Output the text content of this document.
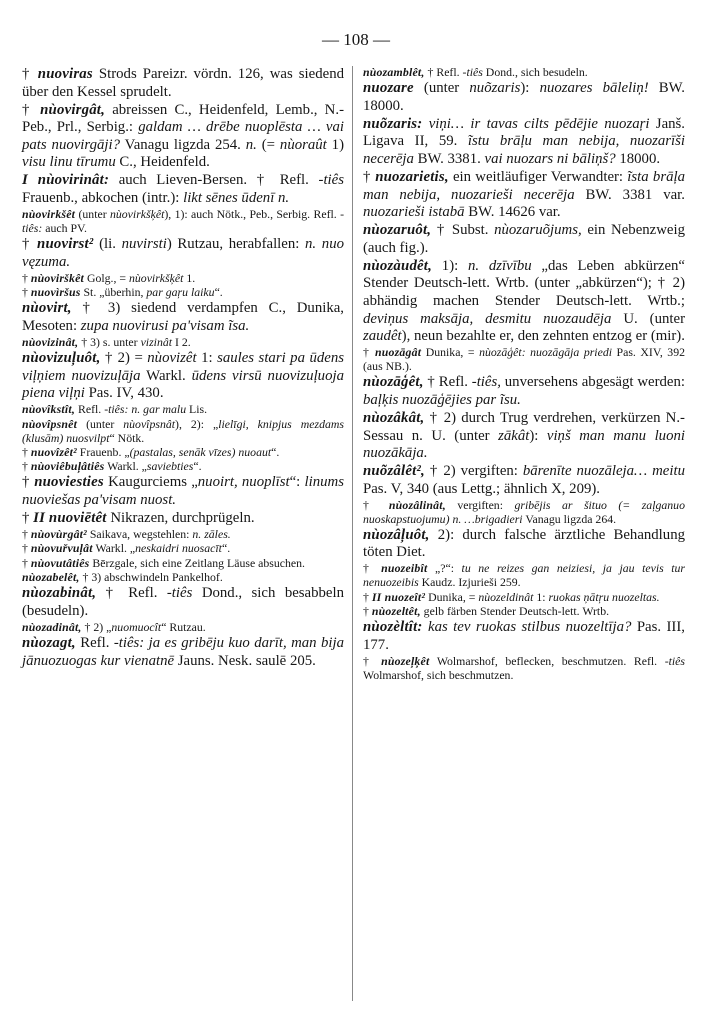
— 108 —

† nuoviras Strods Pareizr. vördn. 126, was siedend über den Kessel sprudelt.

† nùovirgât, abreissen C., Heidenfeld, Lemb., N.-Peb., Prl., Serbig.: galdam … drēbe nuoplēsta … vai pats nuovirgāji? Vanagu ligzda 254. n. (= nùoraût 1) visu linu tīrumu C., Heidenfeld.

I nùovirinât: auch Lieven-Bersen. † Refl. -tiês Frauenb., abkochen (intr.): likt sēnes ūdenī n.

nùovirkšêt (unter nùovirkšķêt), 1): auch Nötk., Peb., Serbig. Refl. -tiês: auch PV.

† nuovirst² (li. nuvirsti) Rutzau, herabfallen: n. nuo vęzuma.

† nùovirškêt Golg., = nùovirkšķêt 1.

† nuovìršus St. „überhin, par gaŗu laiku“.

nùovirt, † 3) siedend verdampfen C., Dunika, Mesoten: zupa nuovirusi pa'visam ĩsa.

nùovizinât, † 3) s. unter vizinât I 2.

nùovizuļuôt, † 2) = nùovizêt 1: saules stari pa ūdens viļņiem nuovizuļāja Warkl. ūdens virsū nuovizuļuoja piena viļņi Pas. IV, 430.

nùovîkstît, Refl. -tiês: n. gar malu Lis.

nùovîpsnêt (unter nùovîpsnât), 2): „lielīgi, knipjus mezdams (klusām) nuosvilpt“ Nötk.

† nuovîzêt² Frauenb. „(pastalas, senāk vīzes) nuoaut“.

† nùoviêbuļâtiês Warkl. „saviebties“.

† nuoviesties Kaugurciems „nuoirt, nuoplīst“: linums nuoviešas pa'visam nuost.

† II nuoviētêt Nikrazen, durchprügeln.

† nùovùrgât² Saikava, wegstehlen: n. zāles.

† nùovuřvuļât Warkl. „neskaidri nuosacīt“.

† nùovutâtiês Bērzgale, sich eine Zeitlang Läuse absuchen.

nùozabelêt, † 3) abschwindeln Pankelhof.

nùozabinât, † Refl. -tiês Dond., sich besabbeln (besudeln).

nùozadinât, † 2) „nuomuocît“ Rutzau.

nùozagt, Refl. -tiês: ja es gribēju kuo darīt, man bija jānuozuogas kur vienatnē Jauns. Nesk. saulē 205.

nùozamblêt, † Refl. -tiês Dond., sich besudeln.

nuozare (unter nuõzaris): nuozares bāleliņ! BW. 18000.

nuõzaris: viņi… ir tavas cilts pēdējie nuozaŗi Janš. Ligava II, 59. ĩstu brāļu man nebija, nuozarīši necerēja BW. 3381. vai nuozars ni bāliņš? 18000.

† nuozarietis, ein weitläufiger Verwandter: ĩsta brāļa man nebija, nuozarieši necerēja BW. 3381 var. nuozarieši istabā BW. 14626 var.

nùozaruôt, † Subst. nùozaruõjums, ein Nebenzweig (auch fig.).

nùozàudêt, 1): n. dzīvību „das Leben abkürzen“ Stender Deutsch-lett. Wrtb. (unter „abkürzen“); † 2) abhändig machen Stender Deutsch-lett. Wrtb.; deviņus maksāja, desmitu nuozaudēja U. (unter zaudêt), neun bezahlte er, den zehnten entzog er (mir).

† nuozāgât Dunika, = nùozāģêt: nuozāgāja priedi Pas. XIV, 392 (aus NB.).

nùozāģêt, † Refl. -tiês, unversehens abgesägt werden: baļķis nuozāģējies par ĩsu.

nùozâkât, † 2) durch Trug verdrehen, verkürzen N.-Sessau n. U. (unter zākât): viņš man manu luoni nuozākāja.

nuõzâlêt², † 2) vergiften: bārenīte nuozāleja… meitu Pas. V, 340 (aus Lettg.; ähnlich X, 209).

† nùozâlinât, vergiften: gribējis ar šituo (= zaļganuo nuoskapstuojumu) n. …brigadieri Vanagu ligzda 264.

nùozâļuôt, 2): durch falsche ärztliche Behandlung töten Diet.

† nuozeibît „?“: tu ne reizes gan neiziesi, ja jau tevis tur nenuozeibis Kaudz. Izjurieši 259.

† II nuozeît² Dunika, = nùozeldinât 1: ruokas ņātŗu nuozeltas.

† nùozeltêt, gelb färben Stender Deutsch-lett. Wrtb.

nùozèltît: kas tev ruokas stilbus nuozeltīja? Pas. III, 177.

† nùozeļķêt Wolmarshof, beflecken, beschmutzen. Refl. -tiês Wolmarshof, sich beschmutzen.
